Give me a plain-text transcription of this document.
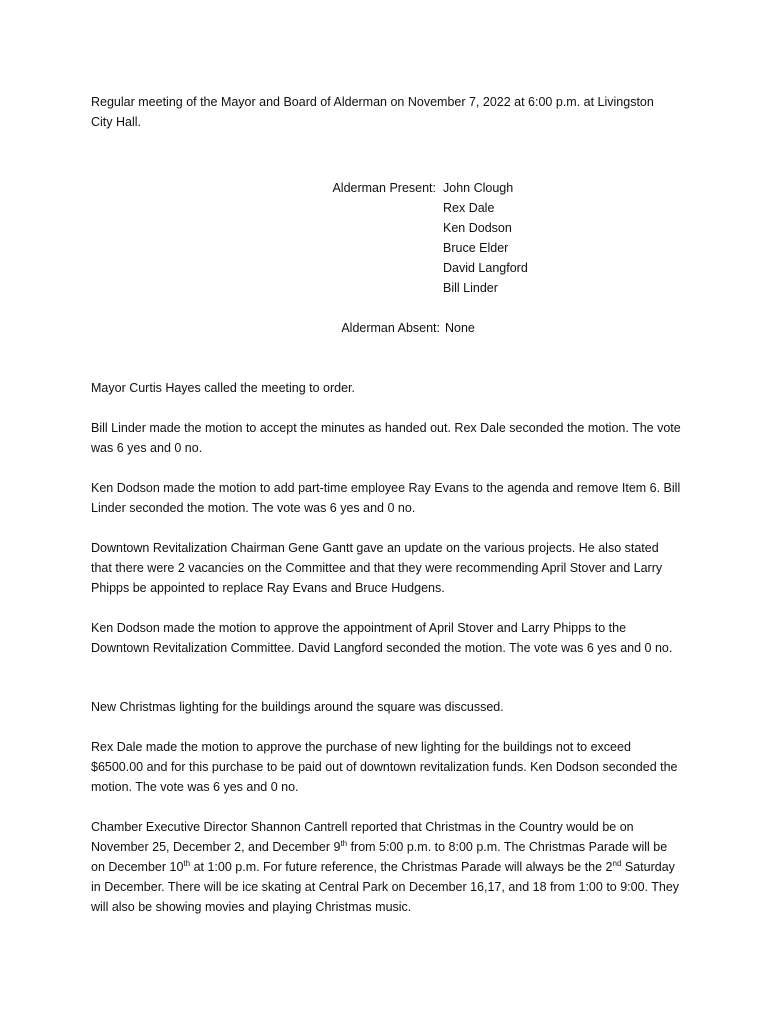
Regular meeting of the Mayor and Board of Alderman on November 7, 2022 at 6:00 p.m. at Livingston City Hall.

Alderman Present: John Clough
Rex Dale
Ken Dodson
Bruce Elder
David Langford
Bill Linder
Alderman Absent: None

Mayor Curtis Hayes called the meeting to order.

Bill Linder made the motion to accept the minutes as handed out. Rex Dale seconded the motion. The vote was 6 yes and 0 no.

Ken Dodson made the motion to add part-time employee Ray Evans to the agenda and remove Item 6. Bill Linder seconded the motion. The vote was 6 yes and 0 no.

Downtown Revitalization Chairman Gene Gantt gave an update on the various projects. He also stated that there were 2 vacancies on the Committee and that they were recommending April Stover and Larry Phipps be appointed to replace Ray Evans and Bruce Hudgens.

Ken Dodson made the motion to approve the appointment of April Stover and Larry Phipps to the Downtown Revitalization Committee. David Langford seconded the motion. The vote was 6 yes and 0 no.

New Christmas lighting for the buildings around the square was discussed.

Rex Dale made the motion to approve the purchase of new lighting for the buildings not to exceed $6500.00 and for this purchase to be paid out of downtown revitalization funds. Ken Dodson seconded the motion. The vote was 6 yes and 0 no.

Chamber Executive Director Shannon Cantrell reported that Christmas in the Country would be on November 25, December 2, and December 9th from 5:00 p.m. to 8:00 p.m. The Christmas Parade will be on December 10th at 1:00 p.m. For future reference, the Christmas Parade will always be the 2nd Saturday in December. There will be ice skating at Central Park on December 16,17, and 18 from 1:00 to 9:00. They will also be showing movies and playing Christmas music.
